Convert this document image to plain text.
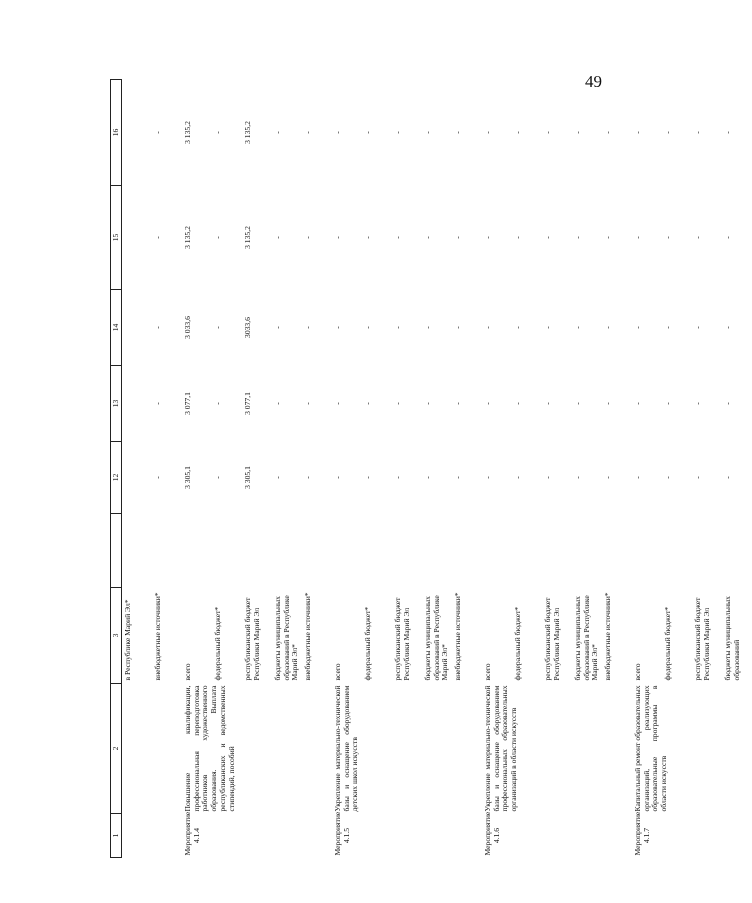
49
1	2	3		12	13	14	15	16
		в Республике Марий Эл*						
		внебюджетные источники*		-	-	-	-	-
Мероприятие 4.1.4	Повышение квалификации, профессиональная переподготовка работников художественного образования. Выплата республиканских и ведомственных стипендий, пособий	всего		3 305,1	3 077,1	3 033,6	3 135,2	3 135,2
		федеральный бюджет*		-	-	-	-	-
		республиканский бюджет Республики Марий Эл		3 305,1	3 077,1	3033,6	3 135,2	3 135,2
		бюджеты муниципальных образований в Республике Марий Эл*		-	-	-	-	-
		внебюджетные источники*		-	-	-	-	-
Мероприятие 4.1.5	Укрепление материально-технической базы и оснащение оборудованием детских школ искусств	всего		-	-	-	-	-
		федеральный бюджет*		-	-	-	-	-
		республиканский бюджет Республики Марий Эл		-	-	-	-	-
		бюджеты муниципальных образований в Республике Марий Эл*		-	-	-	-	-
		внебюджетные источники*		-	-	-	-	-
Мероприятие 4.1.6	Укрепление материально-технической базы и оснащение оборудованием профессиональных образовательных организаций в области искусств	всего		-	-	-	-	-
		федеральный бюджет*		-	-	-	-	-
		республиканский бюджет Республики Марий Эл		-	-	-	-	-
		бюджеты муниципальных образований в Республике Марий Эл*		-	-	-	-	-
		внебюджетные источники*		-	-	-	-	-
Мероприятие 4.1.7	Капитальный ремонт образовательных организаций, реализующих образовательные программы в области искусств	всего		-	-	-	-	-
		федеральный бюджет*		-	-	-	-	-
		республиканский бюджет Республики Марий Эл		-	-	-	-	-
		бюджеты муниципальных образований		-	-	-	-	-
